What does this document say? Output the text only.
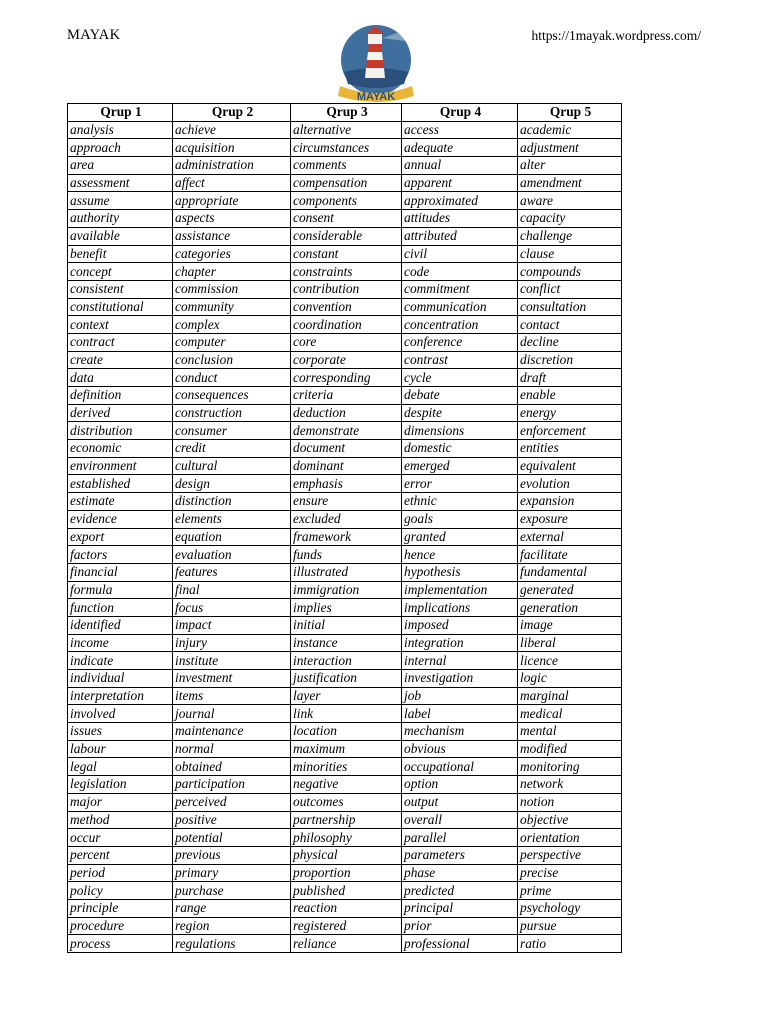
MAYAK
MAYAK
https://1mayak.wordpress.com/
Qrup 1	Qrup 2	Qrup 3	Qrup 4	Qrup 5
analysis	achieve	alternative	access	academic
approach	acquisition	circumstances	adequate	adjustment
area	administration	comments	annual	alter
assessment	affect	compensation	apparent	amendment
assume	appropriate	components	approximated	aware
authority	aspects	consent	attitudes	capacity
available	assistance	considerable	attributed	challenge
benefit	categories	constant	civil	clause
concept	chapter	constraints	code	compounds
consistent	commission	contribution	commitment	conflict
constitutional	community	convention	communication	consultation
context	complex	coordination	concentration	contact
contract	computer	core	conference	decline
create	conclusion	corporate	contrast	discretion
data	conduct	corresponding	cycle	draft
definition	consequences	criteria	debate	enable
derived	construction	deduction	despite	energy
distribution	consumer	demonstrate	dimensions	enforcement
economic	credit	document	domestic	entities
environment	cultural	dominant	emerged	equivalent
established	design	emphasis	error	evolution
estimate	distinction	ensure	ethnic	expansion
evidence	elements	excluded	goals	exposure
export	equation	framework	granted	external
factors	evaluation	funds	hence	facilitate
financial	features	illustrated	hypothesis	fundamental
formula	final	immigration	implementation	generated
function	focus	implies	implications	generation
identified	impact	initial	imposed	image
income	injury	instance	integration	liberal
indicate	institute	interaction	internal	licence
individual	investment	justification	investigation	logic
interpretation	items	layer	job	marginal
involved	journal	link	label	medical
issues	maintenance	location	mechanism	mental
labour	normal	maximum	obvious	modified
legal	obtained	minorities	occupational	monitoring
legislation	participation	negative	option	network
major	perceived	outcomes	output	notion
method	positive	partnership	overall	objective
occur	potential	philosophy	parallel	orientation
percent	previous	physical	parameters	perspective
period	primary	proportion	phase	precise
policy	purchase	published	predicted	prime
principle	range	reaction	principal	psychology
procedure	region	registered	prior	pursue
process	regulations	reliance	professional	ratio
